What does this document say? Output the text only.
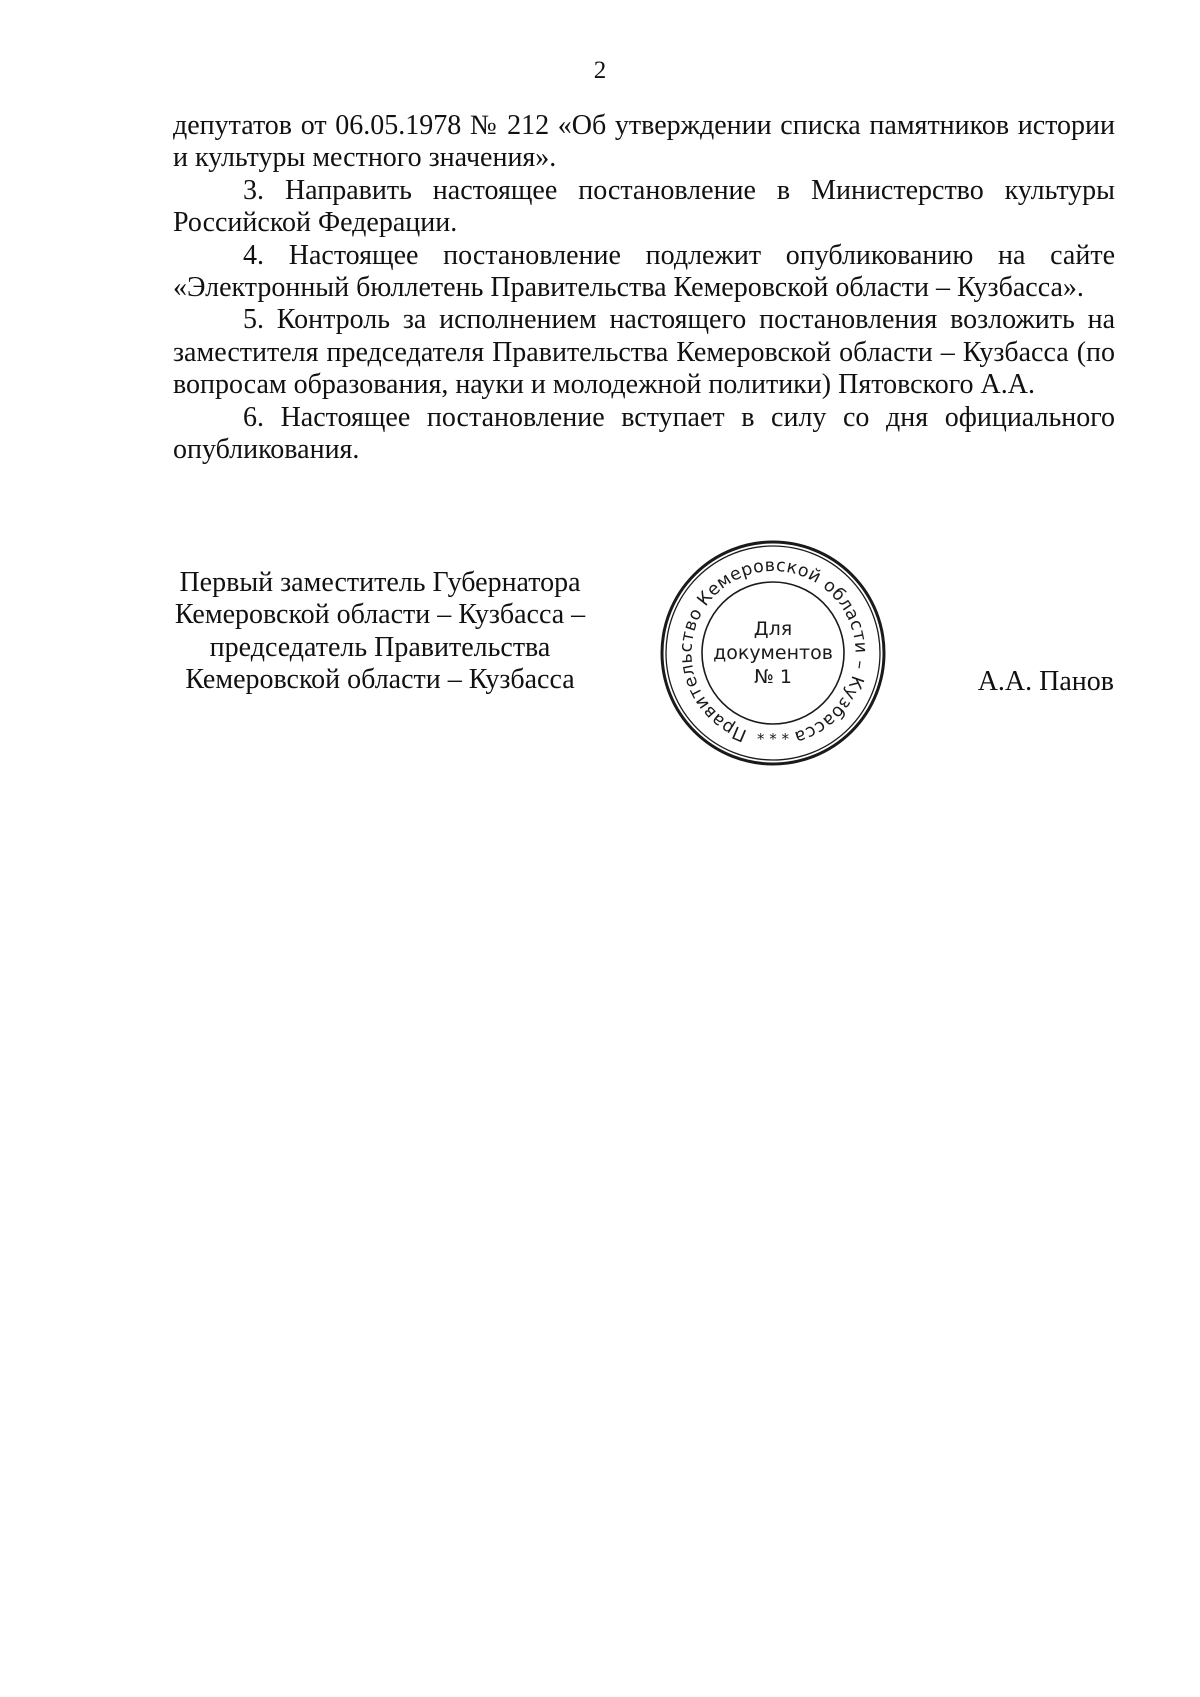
2

депутатов от 06.05.1978 № 212 «Об утверждении списка памятников истории и культуры местного значения».

3. Направить настоящее постановление в Министерство культуры Российской Федерации.

4. Настоящее постановление подлежит опубликованию на сайте «Электронный бюллетень Правительства Кемеровской области – Кузбасса».

5. Контроль за исполнением настоящего постановления возложить на заместителя председателя Правительства Кемеровской области – Кузбасса (по вопросам образования, науки и молодежной политики) Пятовского А.А.

6. Настоящее постановление вступает в силу со дня официального опубликования.

Первый заместитель Губернатора
Кемеровской области – Кузбасса –
председатель Правительства
Кемеровской области – Кузбасса
Правительство Кемеровской области – Кузбасса
Для
документов
№ 1
* * *
А.А. Панов
